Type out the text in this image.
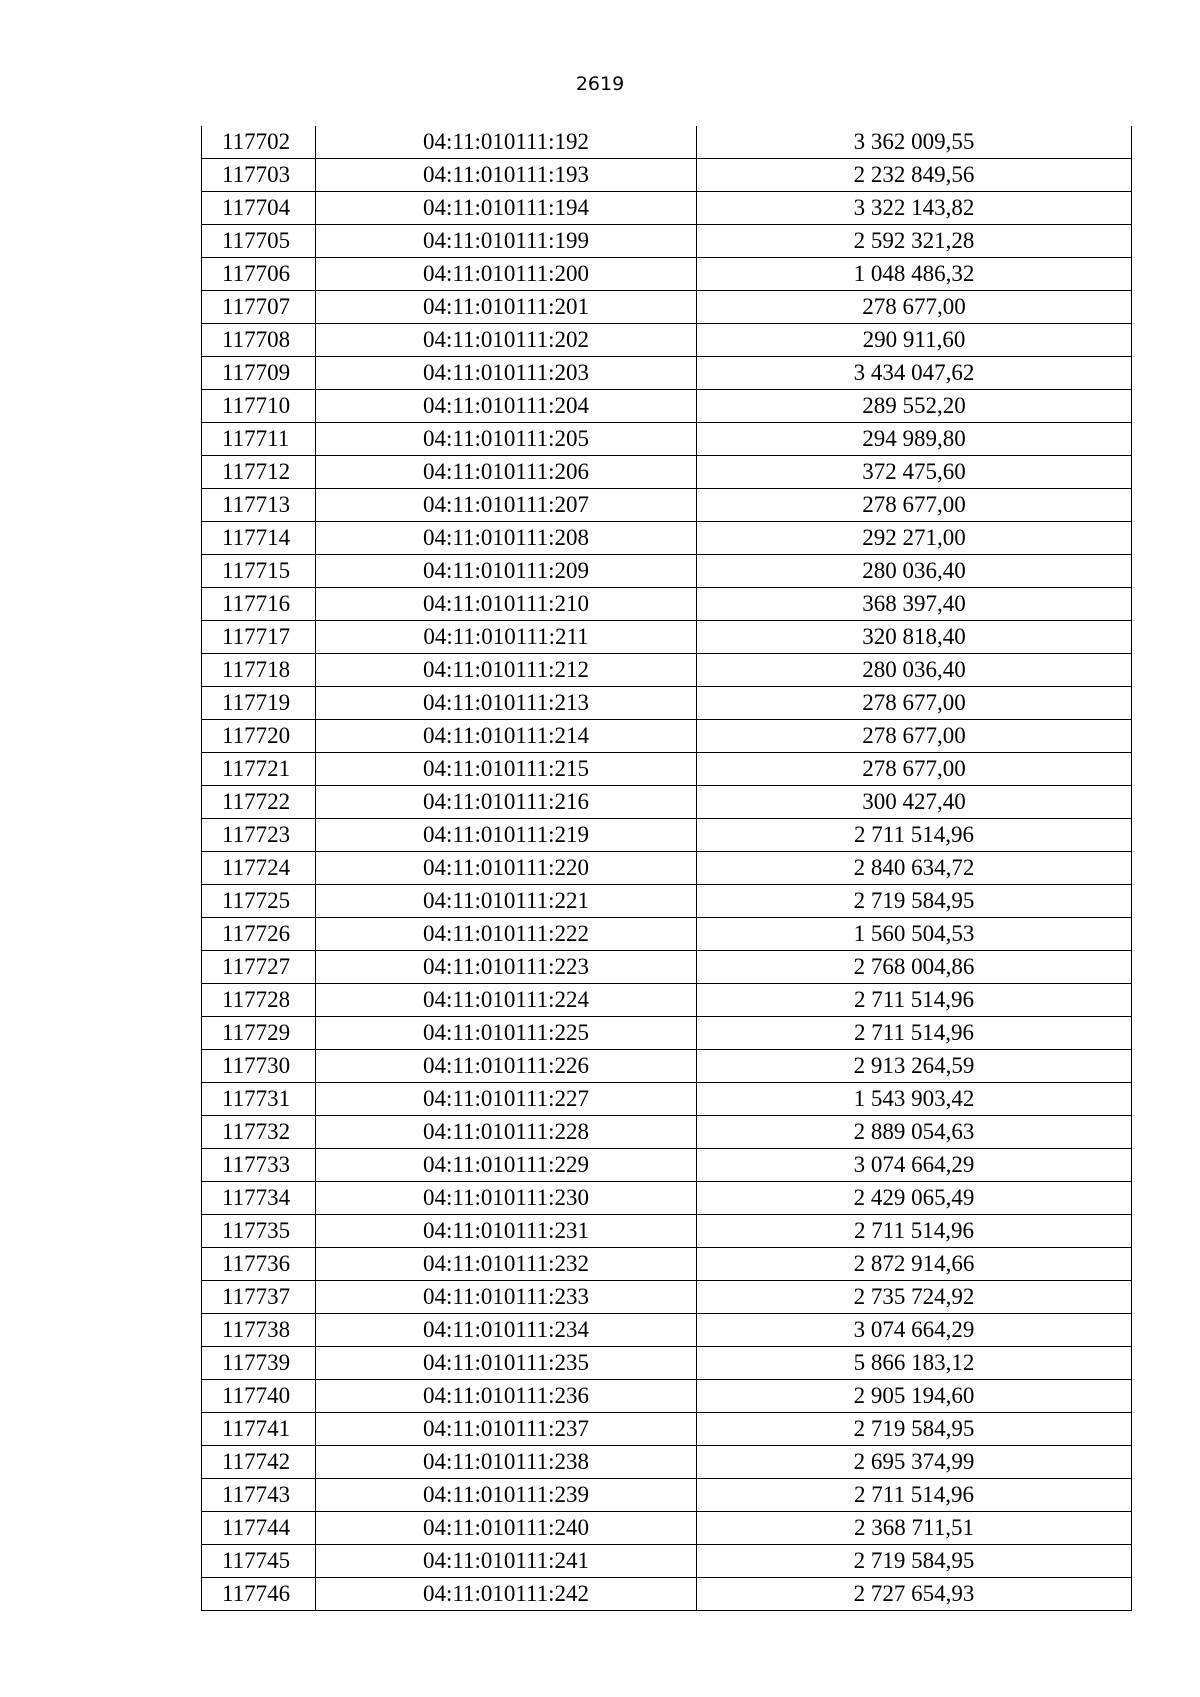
2619
117702	04:11:010111:192	3 362 009,55
117703	04:11:010111:193	2 232 849,56
117704	04:11:010111:194	3 322 143,82
117705	04:11:010111:199	2 592 321,28
117706	04:11:010111:200	1 048 486,32
117707	04:11:010111:201	278 677,00
117708	04:11:010111:202	290 911,60
117709	04:11:010111:203	3 434 047,62
117710	04:11:010111:204	289 552,20
117711	04:11:010111:205	294 989,80
117712	04:11:010111:206	372 475,60
117713	04:11:010111:207	278 677,00
117714	04:11:010111:208	292 271,00
117715	04:11:010111:209	280 036,40
117716	04:11:010111:210	368 397,40
117717	04:11:010111:211	320 818,40
117718	04:11:010111:212	280 036,40
117719	04:11:010111:213	278 677,00
117720	04:11:010111:214	278 677,00
117721	04:11:010111:215	278 677,00
117722	04:11:010111:216	300 427,40
117723	04:11:010111:219	2 711 514,96
117724	04:11:010111:220	2 840 634,72
117725	04:11:010111:221	2 719 584,95
117726	04:11:010111:222	1 560 504,53
117727	04:11:010111:223	2 768 004,86
117728	04:11:010111:224	2 711 514,96
117729	04:11:010111:225	2 711 514,96
117730	04:11:010111:226	2 913 264,59
117731	04:11:010111:227	1 543 903,42
117732	04:11:010111:228	2 889 054,63
117733	04:11:010111:229	3 074 664,29
117734	04:11:010111:230	2 429 065,49
117735	04:11:010111:231	2 711 514,96
117736	04:11:010111:232	2 872 914,66
117737	04:11:010111:233	2 735 724,92
117738	04:11:010111:234	3 074 664,29
117739	04:11:010111:235	5 866 183,12
117740	04:11:010111:236	2 905 194,60
117741	04:11:010111:237	2 719 584,95
117742	04:11:010111:238	2 695 374,99
117743	04:11:010111:239	2 711 514,96
117744	04:11:010111:240	2 368 711,51
117745	04:11:010111:241	2 719 584,95
117746	04:11:010111:242	2 727 654,93
